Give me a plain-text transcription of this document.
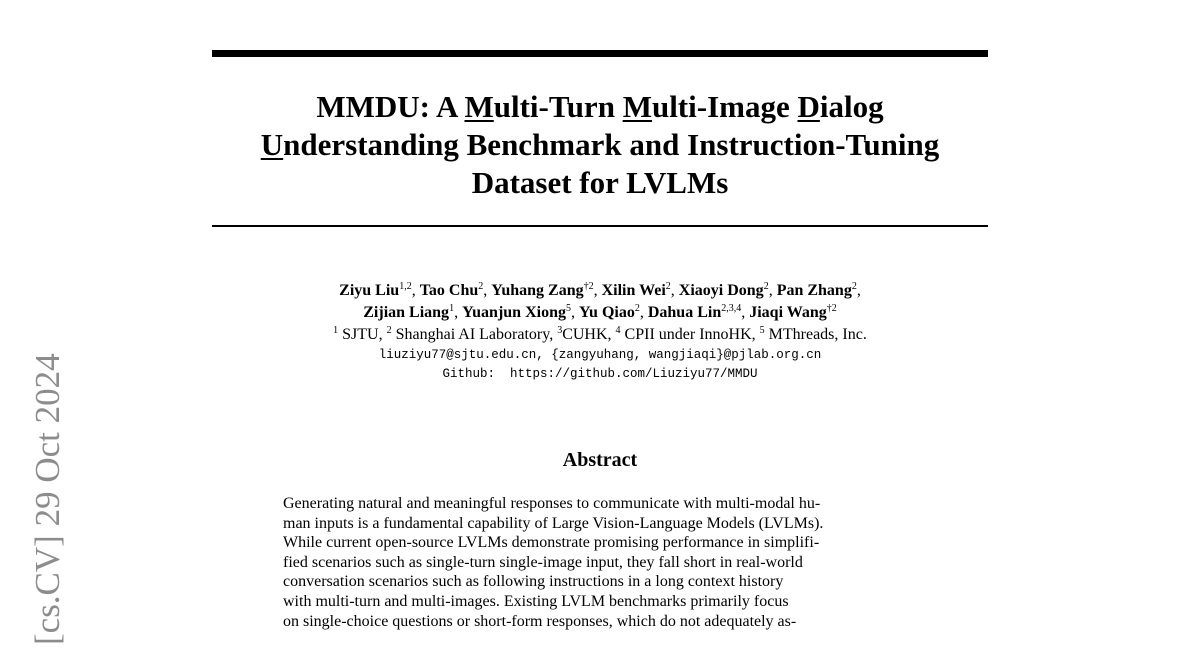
[cs.CV] 29 Oct 2024
MMDU: A Multi-Turn Multi-Image Dialog
Understanding Benchmark and Instruction-Tuning
Dataset for LVLMs
Ziyu Liu$^{1,2}$, Tao Chu$^2$, Yuhang Zang$^{\dagger 2}$, Xilin Wei$^2$, Xiaoyi Dong$^2$, Pan Zhang$^2$,
Zijian Liang$^1$, Yuanjun Xiong$^5$, Yu Qiao$^2$, Dahua Lin$^{2,3,4}$, Jiaqi Wang$^{\dagger 2}$
$^1$ SJTU, $^2$ Shanghai AI Laboratory, $^3$CUHK, $^4$ CPII under InnoHK, $^5$ MThreads, Inc.
liuziyu77@sjtu.edu.cn, {zangyuhang, wangjiaqi}@pjlab.org.cn
Github:  https://github.com/Liuziyu77/MMDU
Abstract
Generating natural and meaningful responses to communicate with multi-modal hu-
man inputs is a fundamental capability of Large Vision-Language Models (LVLMs).
While current open-source LVLMs demonstrate promising performance in simplifi-
fied scenarios such as single-turn single-image input, they fall short in real-world
conversation scenarios such as following instructions in a long context history
with multi-turn and multi-images. Existing LVLM benchmarks primarily focus
on single-choice questions or short-form responses, which do not adequately as-
